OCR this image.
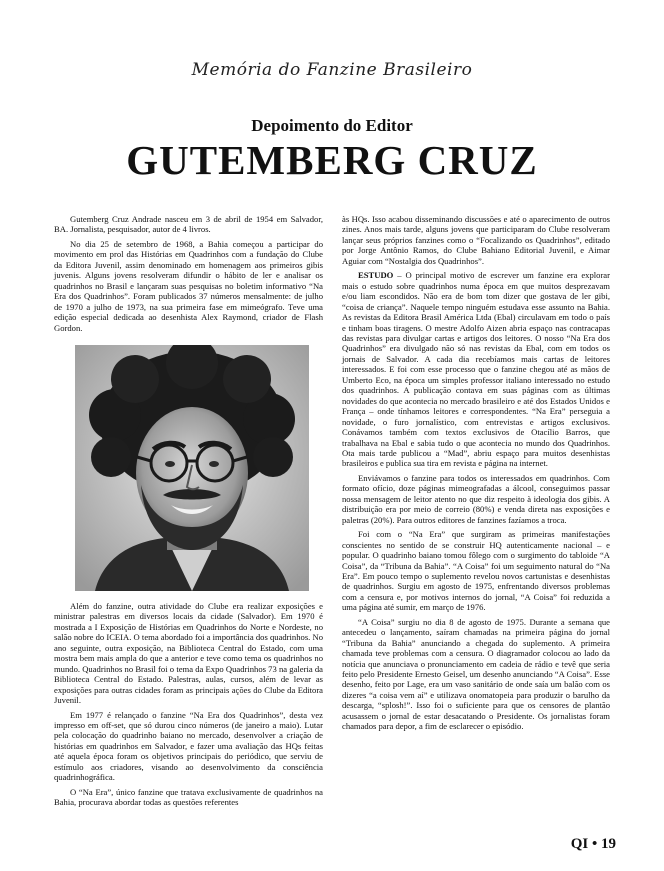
Memória do Fanzine Brasileiro
Depoimento do Editor
GUTEMBERG CRUZ

Gutemberg Cruz Andrade nasceu em 3 de abril de 1954 em Salvador, BA. Jornalista, pesquisador, autor de 4 livros.

No dia 25 de setembro de 1968, a Bahia começou a participar do movimento em prol das Histórias em Quadrinhos com a fundação do Clube da Editora Juvenil, assim denominado em homenagem aos primeiros gibis juvenis. Alguns jovens resolveram difundir o hábito de ler e analisar os quadrinhos no Brasil e lançaram suas pesquisas no boletim informativo “Na Era dos Quadrinhos”. Foram publicados 37 números mensalmente: de julho de 1970 a julho de 1973, na sua primeira fase em mimeógrafo. Teve uma edição especial dedicada ao desenhista Alex Raymond, criador de Flash Gordon.

Além do fanzine, outra atividade do Clube era realizar exposições e ministrar palestras em diversos locais da cidade (Salvador). Em 1970 é mostrada a I Exposição de Histórias em Quadrinhos do Norte e Nordeste, no salão nobre do ICEIA. O tema abordado foi a importância dos quadrinhos. No ano seguinte, outra exposição, na Biblioteca Central do Estado, com uma mostra bem mais ampla do que a anterior e teve como tema os quadrinhos no mundo. Quadrinhos no Brasil foi o tema da Expo Quadrinhos 73 na galeria da Biblioteca Central do Estado. Palestras, aulas, cursos, além de levar as exposições para outras cidades foram as principais ações do Clube da Editora Juvenil.

Em 1977 é relançado o fanzine “Na Era dos Quadrinhos”, desta vez impresso em off-set, que só durou cinco números (de janeiro a maio). Lutar pela colocação do quadrinho baiano no mercado, desenvolver a criação de histórias em quadrinhos em Salvador, e fazer uma avaliação das HQs feitas até aquela época foram os objetivos principais do periódico, que serviu de estímulo aos criadores, visando ao desenvolvimento da consciência quadrinhográfica.

O “Na Era”, único fanzine que tratava exclusivamente de quadrinhos na Bahia, procurava abordar todas as questões referentes

às HQs. Isso acabou disseminando discussões e até o aparecimento de outros zines. Anos mais tarde, alguns jovens que participaram do Clube resolveram lançar seus próprios fanzines como o “Focalizando os Quadrinhos”, editado por Jorge Antônio Ramos, do Clube Bahiano Editorial Juvenil, e Aimar Aguiar com “Nostalgia dos Quadrinhos”.

ESTUDO – O principal motivo de escrever um fanzine era explorar mais o estudo sobre quadrinhos numa época em que muitos desprezavam e/ou liam escondidos. Não era de bom tom dizer que gostava de ler gibi, “coisa de criança”. Naquele tempo ninguém estudava esse assunto na Bahia. As revistas da Editora Brasil América Ltda (Ebal) circulavam em todo o país e tinham boas tiragens. O mestre Adolfo Aizen abria espaço nas contracapas das revistas para divulgar cartas e artigos dos leitores. O nosso “Na Era dos Quadrinhos” era divulgado não só nas revistas da Ebal, com em todos os jornais de Salvador. A cada dia recebíamos mais cartas de leitores interessados. E foi com esse processo que o fanzine chegou até as mãos de Umberto Eco, na época um simples professor italiano interessado no estudo dos quadrinhos. A publicação contava em suas páginas com as últimas novidades do que acontecia no mercado brasileiro e até dos Estados Unidos e França – onde tínhamos leitores e correspondentes. “Na Era” perseguia a novidade, o furo jornalístico, com entrevistas e artigos exclusivos. Conávamos também com textos exclusivos de Otacílio Barros, que trabalhava na Ebal e sabia tudo o que acontecia no mundo dos Quadrinhos. Ota mais tarde publicou a “Mad”, abriu espaço para muitos desenhistas brasileiros e publica sua tira em revista e página na internet.

Enviávamos o fanzine para todos os interessados em quadrinhos. Com formato ofício, doze páginas mimeografadas a álcool, conseguimos passar nossa mensagem de leitor atento no que diz respeito à ideologia dos gibis. A distribuição era por meio de correio (80%) e venda direta nas exposições e paletras (20%). Para outros editores de fanzines fazíamos a troca.

Foi com o “Na Era” que surgiram as primeiras manifestações conscientes no sentido de se construir HQ autenticamente nacional – e popular. O quadrinho baiano tomou fôlego com o surgimento do tabloide “A Coisa”, da “Tribuna da Bahia”. “A Coisa” foi um seguimento natural do “Na Era”. Em pouco tempo o suplemento revelou novos cartunistas e desenhistas de quadrinhos. Surgiu em agosto de 1975, enfrentando diversos problemas com a censura e, por motivos internos do jornal, “A Coisa” foi reduzida a uma página até sumir, em março de 1976.

“A Coisa” surgiu no dia 8 de agosto de 1975. Durante a semana que antecedeu o lançamento, saíram chamadas na primeira página do jornal “Tribuna da Bahia” anunciando a chegada do suplemento. A primeira chamada teve problemas com a censura. O diagramador colocou ao lado da notícia que anunciava o pronunciamento em cadeia de rádio e tevê que seria feito pelo Presidente Ernesto Geisel, um desenho anunciando “A Coisa”. Esse desenho, feito por Lage, era um vaso sanitário de onde saía um balão com os dizeres “a coisa vem aí” e utilizava onomatopeia para produzir o barulho da descarga, “splosh!”. Isso foi o suficiente para que os censores de plantão acusassem o jornal de estar desacatando o Presidente. Os jornalistas foram chamados para depor, a fim de esclarecer o episódio.

QI • 19
